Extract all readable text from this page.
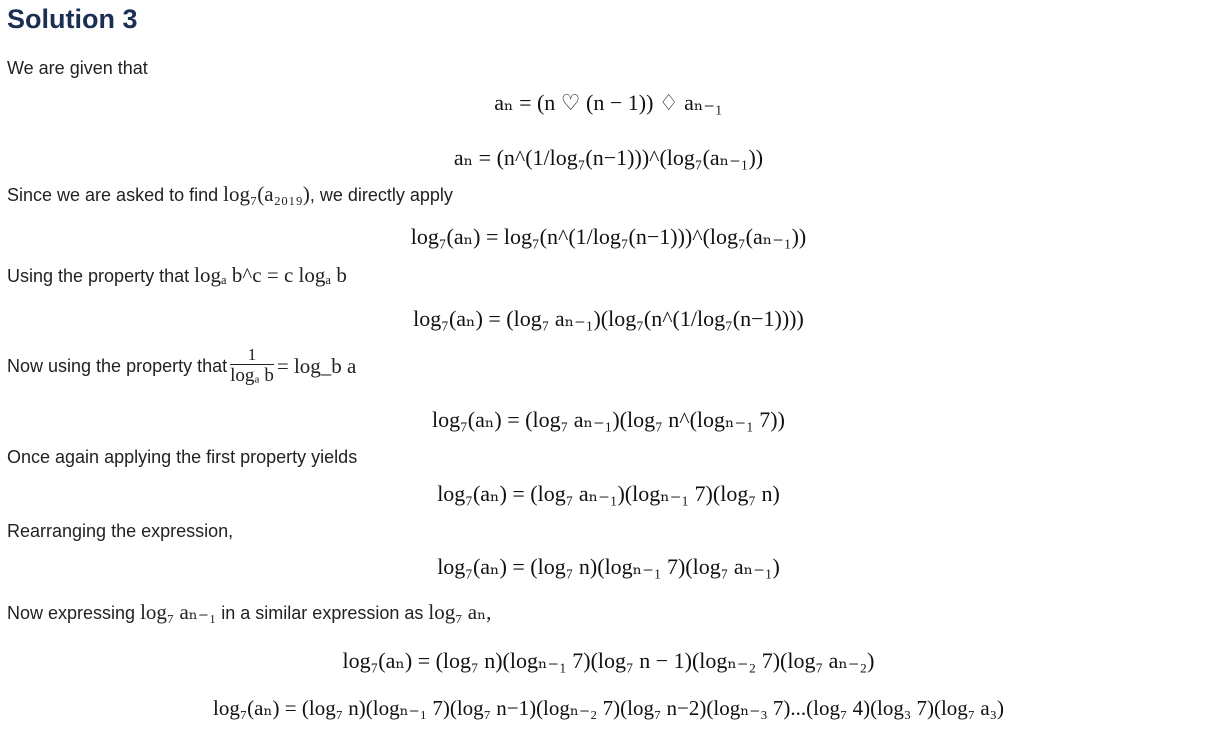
Solution 3
We are given that
aₙ = (n ♡ (n − 1)) ♢ aₙ₋₁
aₙ = (n^(1/log₇(n−1)))^(log₇(aₙ₋₁))
Since we are asked to find log₇(a₂₀₁₉), we directly apply
log₇(aₙ) = log₇(n^(1/log₇(n−1)))^(log₇(aₙ₋₁))
Using the property that logₐ b^c = c logₐ b
log₇(aₙ) = (log₇ aₙ₋₁)(log₇(n^(1/log₇(n−1))))
Now using the property that $\frac{1}{\text{logₐ b}}$ = log_b a
log₇(aₙ) = (log₇ aₙ₋₁)(log₇ n^(logₙ₋₁ 7))
Once again applying the first property yields
log₇(aₙ) = (log₇ aₙ₋₁)(logₙ₋₁ 7)(log₇ n)
Rearranging the expression,
log₇(aₙ) = (log₇ n)(logₙ₋₁ 7)(log₇ aₙ₋₁)
Now expressing log₇ aₙ₋₁ in a similar expression as log₇ aₙ,
log₇(aₙ) = (log₇ n)(logₙ₋₁ 7)(log₇ n − 1)(logₙ₋₂ 7)(log₇ aₙ₋₂)
log₇(aₙ) = (log₇ n)(logₙ₋₁ 7)(log₇ n−1)(logₙ₋₂ 7)(log₇ n−2)(logₙ₋₃ 7)...(log₇ 4)(log₃ 7)(log₇ a₃)
